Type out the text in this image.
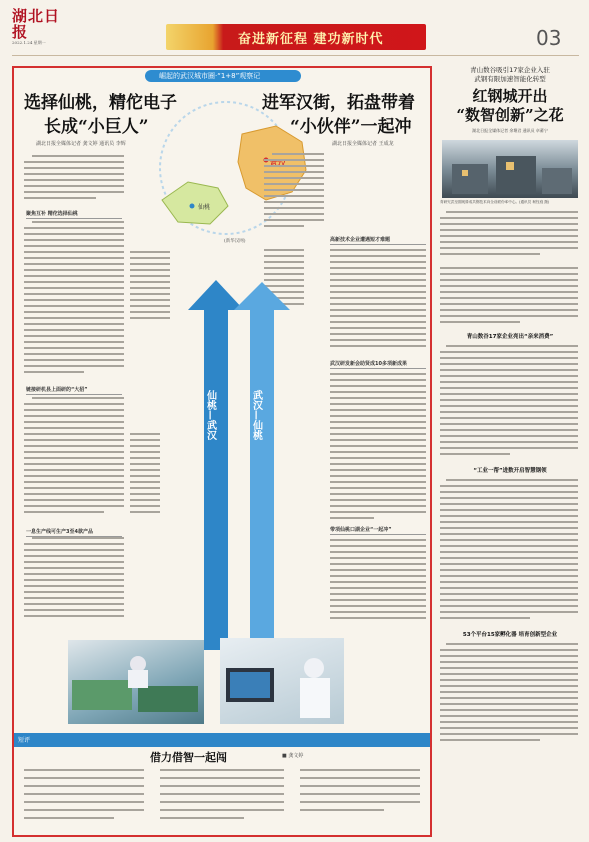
湖北日报
2022.1.24 星期一	奋进新征程 建功新时代	03
崛起的武汉城市圈·“1+8”观察记
选择仙桃，精佗电子
长成“小巨人”
湖北日报全媒体记者 龚文婷 通讯员 李辉
进军汉街，拓盘带着
“小伙伴”一起冲
湖北日报全媒体记者 王成龙
武汉
仙桃
(新华汉网)

聚焦互补 精佗选择仙桃
链接研机县上面研的“大招”
一息生产线可生产3至4款产品
高新技术企业遭遇短才难题
武汉研发新会助贤成10多项新成果
带项仙桃口湖企业“一起冲”
仙桃—武汉	武汉—仙桃
短评
借力借智一起闯	■ 龚文婷
青山数谷吸引17家企业入驻
武钢有限加速智能化转型
红钢城开出
“数智创新”之花
湖北日报全媒体记者 余壊君 通讯员 卓蓄宁
青研究武至期现驿成共钢技术向全设联份率中心。(通讯员 柯钰庭 摄)
青山数谷17家企业亮出“亲来消费”
“工业一帮”进数开启智慧钢领
53个平台15家孵化器 培育创新型企业
